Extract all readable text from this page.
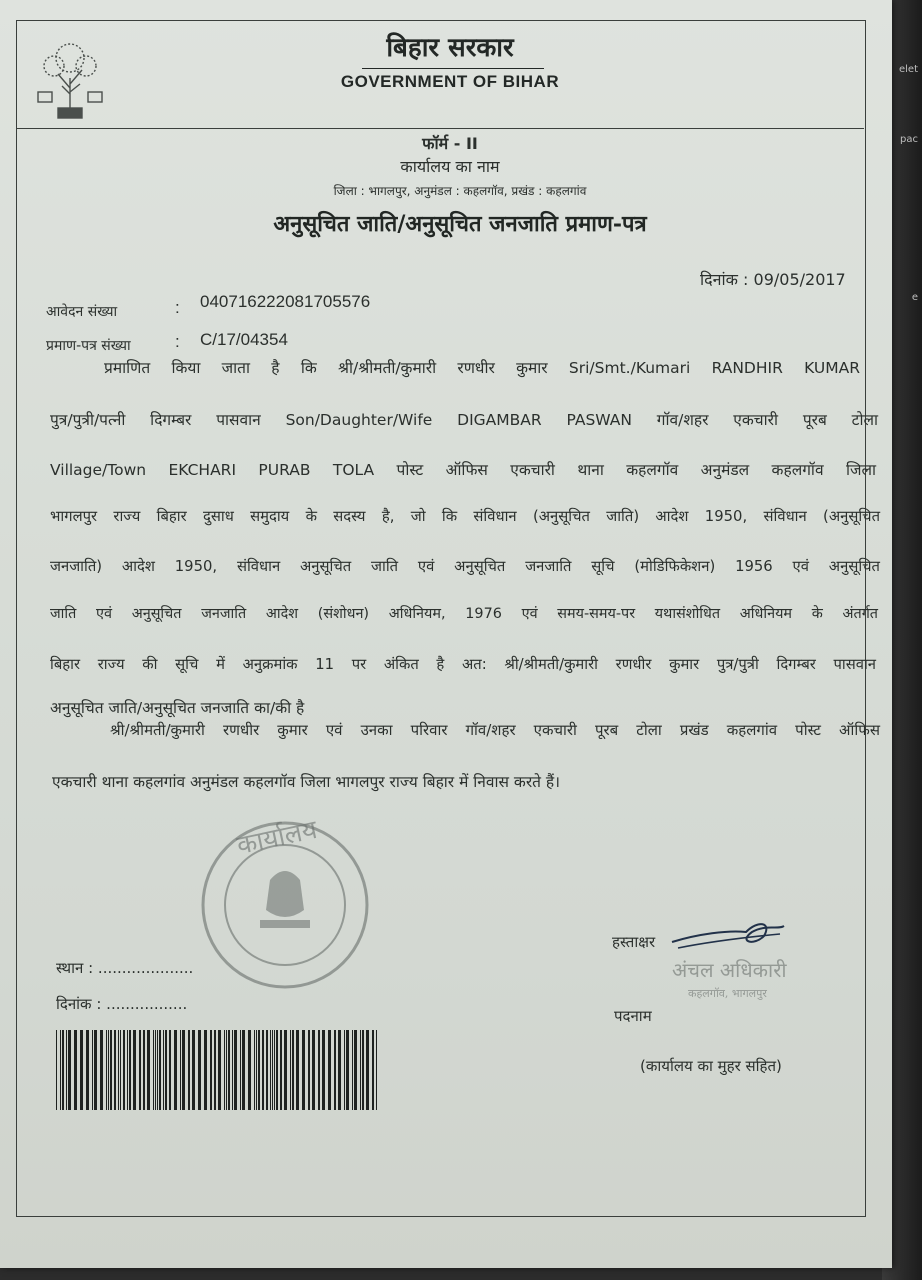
elet
pac
e
बिहार सरकार
GOVERNMENT OF BIHAR
फॉर्म - II
कार्यालय का नाम
जिला : भागलपुर, अनुमंडल : कहलगॉव, प्रखंड : कहलगांव
अनुसूचित जाति/अनुसूचित जनजाति प्रमाण-पत्र
दिनांक : 09/05/2017
आवेदन संख्या	: 040716222081705576
प्रमाण-पत्र संख्या	: C/17/04354
प्रमाणित किया जाता है कि श्री/श्रीमती/कुमारी रणधीर कुमार Sri/Smt./Kumari RANDHIR KUMAR
पुत्र/पुत्री/पत्नी दिगम्बर पासवान Son/Daughter/Wife DIGAMBAR PASWAN गॉव/शहर एकचारी पूरब टोला
Village/Town EKCHARI PURAB TOLA पोस्ट ऑफिस एकचारी थाना कहलगॉव अनुमंडल कहलगॉव जिला
भागलपुर राज्य बिहार दुसाध समुदाय के सदस्य है, जो कि संविधान (अनुसूचित जाति) आदेश 1950, संविधान (अनुसूचित
जनजाति) आदेश 1950, संविधान अनुसूचित जाति एवं अनुसूचित जनजाति सूचि (मोडिफिकेशन) 1956 एवं अनुसूचित
जाति एवं अनुसूचित जनजाति आदेश (संशोधन) अधिनियम, 1976 एवं समय-समय-पर यथासंशोधित अधिनियम के अंतर्गत
बिहार राज्य की सूचि में अनुक्रमांक 11 पर अंकित है अत: श्री/श्रीमती/कुमारी रणधीर कुमार पुत्र/पुत्री दिगम्बर पासवान
अनुसूचित जाति/अनुसूचित जनजाति का/की है
श्री/श्रीमती/कुमारी रणधीर कुमार एवं उनका परिवार गॉव/शहर एकचारी पूरब टोला प्रखंड कहलगांव पोस्ट ऑफिस
एकचारी थाना कहलगांव अनुमंडल कहलगॉव जिला भागलपुर राज्य बिहार में निवास करते हैं।
कार्यालय
स्थान : ....................
दिनांक : .................
हस्ताक्षर
अंचल अधिकारी
कहलगॉव, भागलपुर
पदनाम
(कार्यालय का मुहर सहित)
